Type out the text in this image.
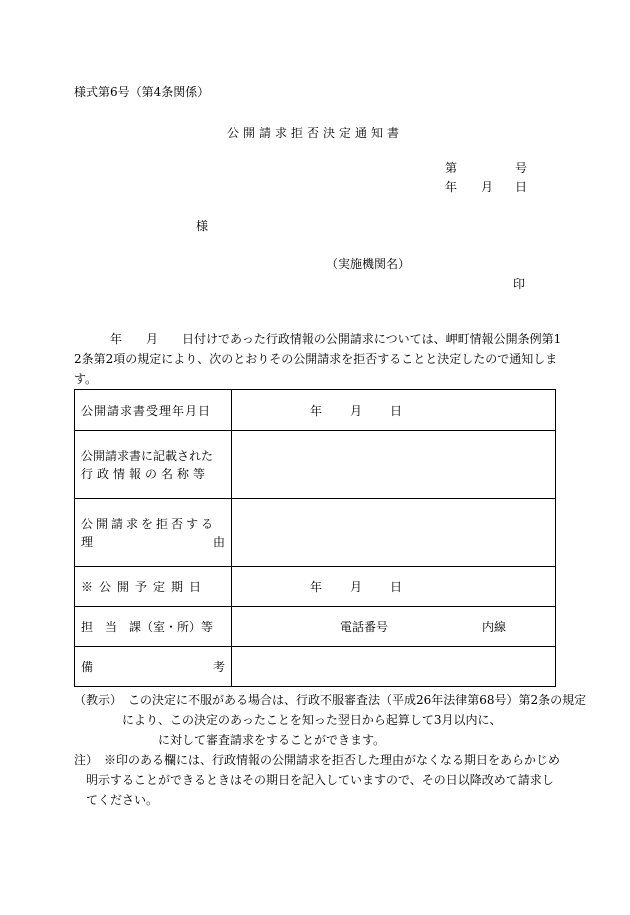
様式第6号（第4条関係）
公開請求拒否決定通知書
第	号
年 月 日
様
（実施機関名）
印

　　　年　　月　　日付けであった行政情報の公開請求については、岬町情報公開条例第1

2条第2項の規定により、次のとおりその公開請求を拒否することと決定したので通知しま

す。

公開請求書受理年月日	年 月 日

公開請求書に記載された
行政情報の名称等	

公開請求を拒否する
理 由	

※公開予定期日	年 月 日

担　当　課（室・所）等	電話番号 内線

備 考	

（教示）　この決定に不服がある場合は、行政不服審査法（平成26年法律第68号）第2条の規定

　　　　により、この決定のあったことを知った翌日から起算して3月以内に、

　　　　　　　に対して審査請求をすることができます。

注）　※印のある欄には、行政情報の公開請求を拒否した理由がなくなる期日をあらかじめ

　明示することができるときはその期日を記入していますので、その日以降改めて請求し

　てください。
